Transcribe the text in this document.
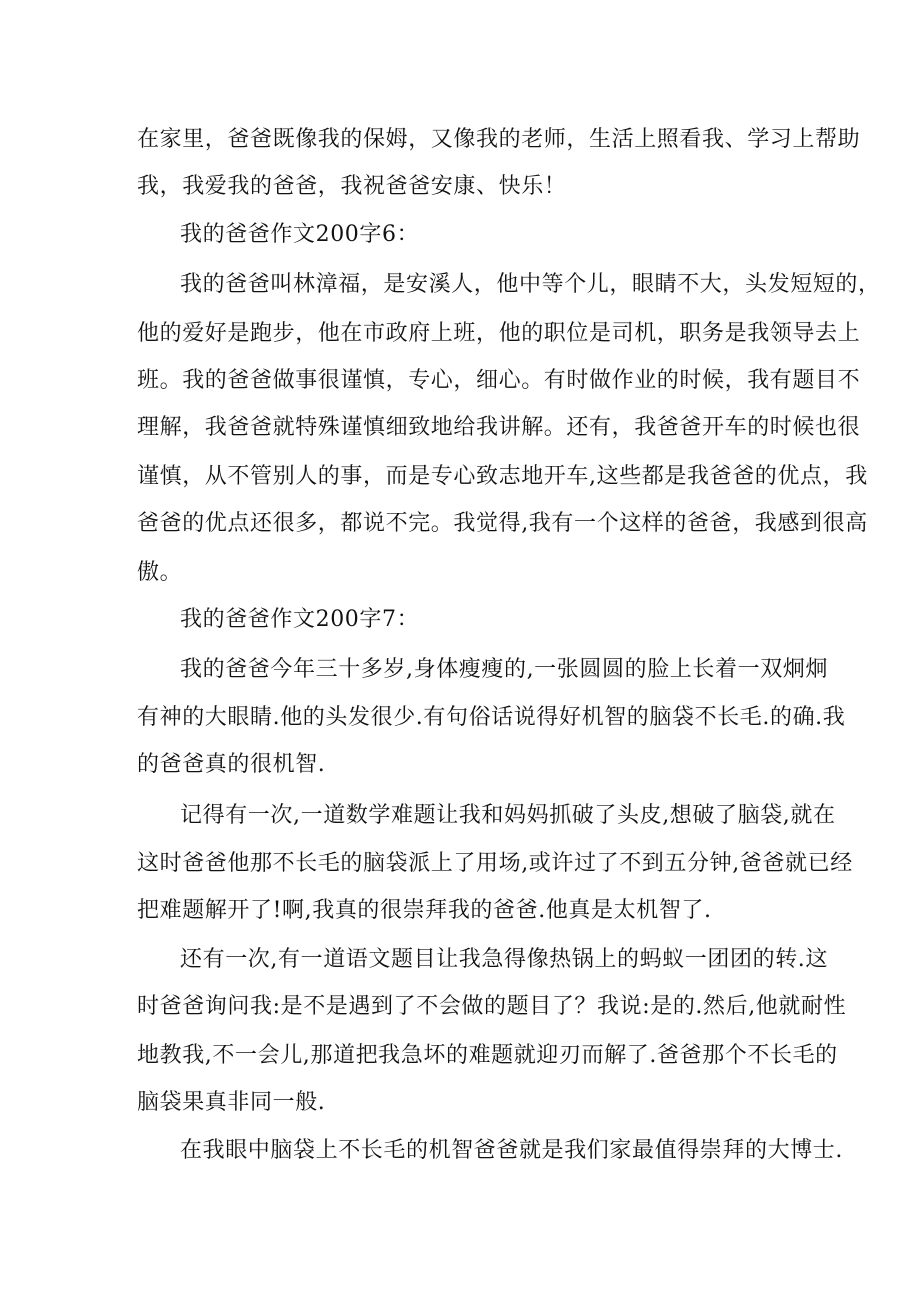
在家里，爸爸既像我的保姆，又像我的老师，生活上照看我、学习上帮助
我，我爱我的爸爸，我祝爸爸安康、快乐！
我的爸爸作文200字6：
我的爸爸叫林漳福，是安溪人，他中等个儿，眼睛不大，头发短短的，
他的爱好是跑步，他在市政府上班，他的职位是司机，职务是我领导去上
班。我的爸爸做事很谨慎，专心，细心。有时做作业的时候，我有题目不
理解，我爸爸就特殊谨慎细致地给我讲解。还有，我爸爸开车的时候也很
谨慎，从不管别人的事，而是专心致志地开车,这些都是我爸爸的优点，我
爸爸的优点还很多，都说不完。我觉得,我有一个这样的爸爸，我感到很高
傲。
我的爸爸作文200字7：
我的爸爸今年三十多岁,身体瘦瘦的,一张圆圆的脸上长着一双炯炯
有神的大眼睛.他的头发很少.有句俗话说得好机智的脑袋不长毛.的确.我
的爸爸真的很机智.
记得有一次,一道数学难题让我和妈妈抓破了头皮,想破了脑袋,就在
这时爸爸他那不长毛的脑袋派上了用场,或许过了不到五分钟,爸爸就已经
把难题解开了!啊,我真的很崇拜我的爸爸.他真是太机智了.
还有一次,有一道语文题目让我急得像热锅上的蚂蚁一团团的转.这
时爸爸询问我:是不是遇到了不会做的题目了？我说:是的.然后,他就耐性
地教我,不一会儿,那道把我急坏的难题就迎刃而解了.爸爸那个不长毛的
脑袋果真非同一般.
在我眼中脑袋上不长毛的机智爸爸就是我们家最值得崇拜的大博士.
